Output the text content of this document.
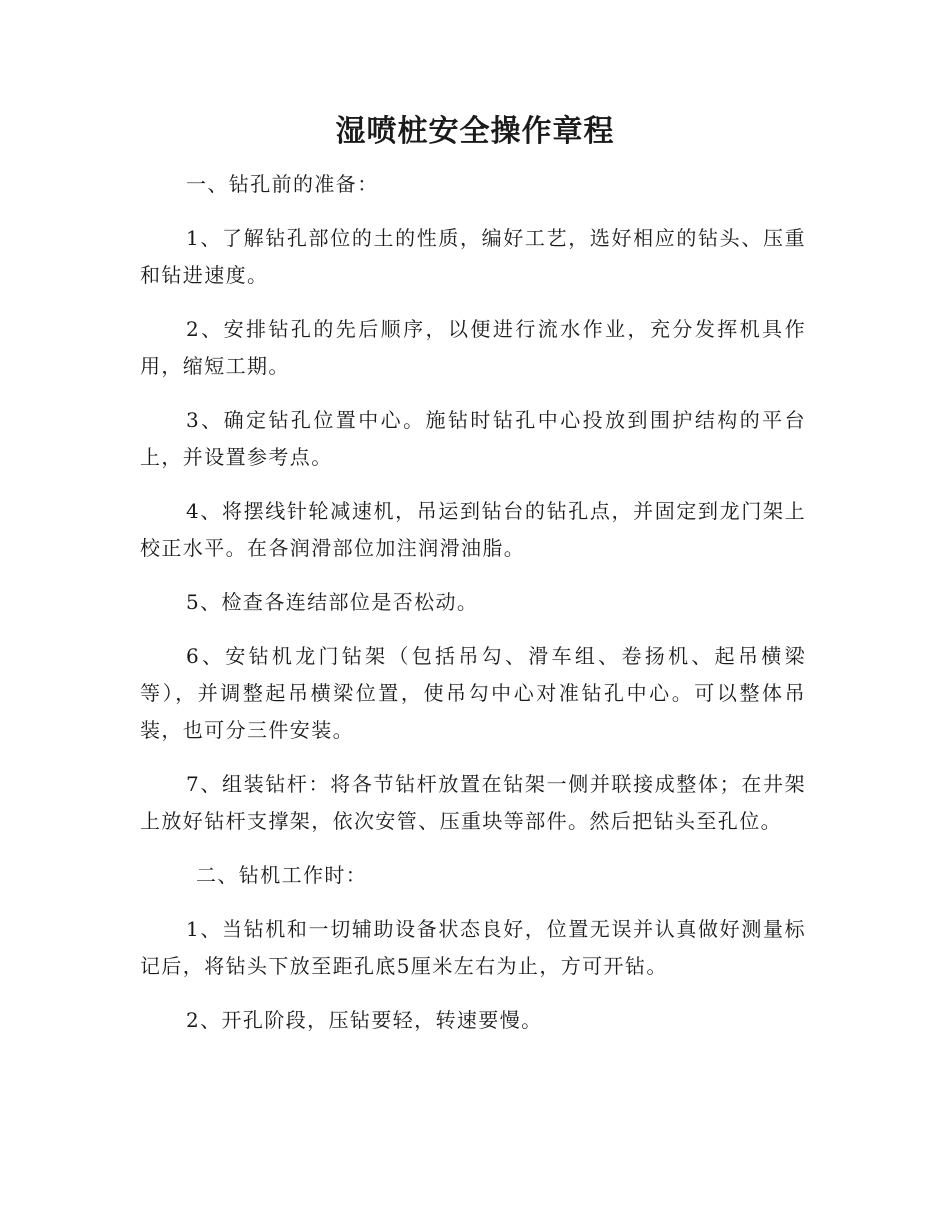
湿喷桩安全操作章程

一、钻孔前的准备：

1、了解钻孔部位的土的性质，编好工艺，选好相应的钻头、压重和钻进速度。

2、安排钻孔的先后顺序，以便进行流水作业，充分发挥机具作用，缩短工期。

3、确定钻孔位置中心。施钻时钻孔中心投放到围护结构的平台上，并设置参考点。

4、将摆线针轮减速机，吊运到钻台的钻孔点，并固定到龙门架上校正水平。在各润滑部位加注润滑油脂。

5、检查各连结部位是否松动。

6、安钻机龙门钻架（包括吊勾、滑车组、卷扬机、起吊横梁等），并调整起吊横梁位置，使吊勾中心对准钻孔中心。可以整体吊装，也可分三件安装。

7、组装钻杆：将各节钻杆放置在钻架一侧并联接成整体；在井架上放好钻杆支撑架，依次安管、压重块等部件。然后把钻头至孔位。

二、钻机工作时：

1、当钻机和一切辅助设备状态良好，位置无误并认真做好测量标记后，将钻头下放至距孔底5厘米左右为止，方可开钻。

2、开孔阶段，压钻要轻，转速要慢。
